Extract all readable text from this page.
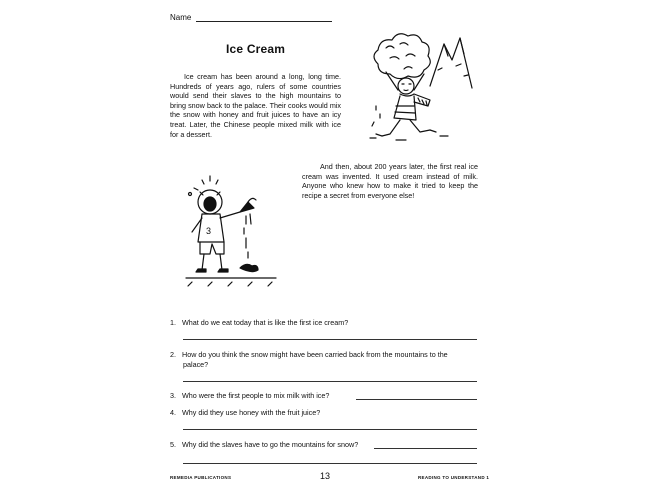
Name
Ice Cream
Ice cream has been around a long, long time. Hundreds of years ago, rulers of some countries would send their slaves to the high mountains to bring snow back to the palace. Their cooks would mix the snow with honey and fruit juices to have an icy treat. Later, the Chinese people mixed milk with ice for a dessert.
And then, about 200 years later, the first real ice cream was invented. It used cream instead of milk. Anyone who knew how to make it tried to keep the recipe a secret from everyone else!
3
1. What do we eat today that is like the first ice cream?
2. How do you think the snow might have been carried back from the mountains to the
palace?
3. Who were the first people to mix milk with ice?
4. Why did they use honey with the fruit juice?
5. Why did the slaves have to go the mountains for snow?
REMEDIA PUBLICATIONS	13	READING TO UNDERSTAND 1
